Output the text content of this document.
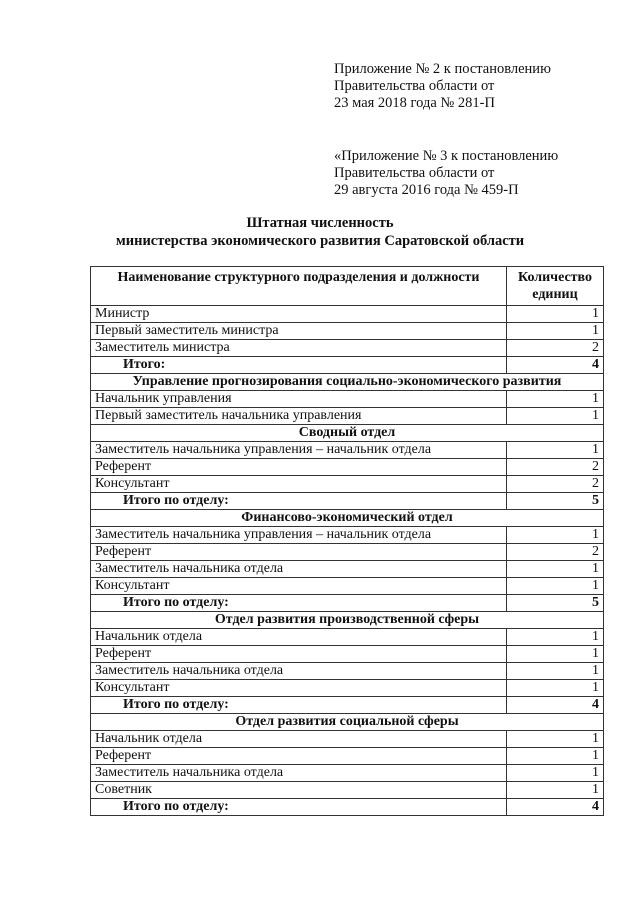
Приложение № 2 к постановлению
Правительства области от
23 мая 2018 года № 281-П
«Приложение № 3 к постановлению
Правительства области от
29 августа 2016 года № 459-П
Штатная численность
министерства экономического развития Саратовской области
Наименование структурного подразделения и должности	Количество
единиц

Министр	1
Первый заместитель министра	1
Заместитель министра	2
Итого:	4
Управление прогнозирования социально-экономического развития	
Начальник управления	1
Первый заместитель начальника управления	1
Сводный отдел	
Заместитель начальника управления – начальник отдела	1
Референт	2
Консультант	2
Итого по отделу:	5
Финансово-экономический отдел	
Заместитель начальника управления – начальник отдела	1
Референт	2
Заместитель начальника отдела	1
Консультант	1
Итого по отделу:	5
Отдел развития производственной сферы	
Начальник отдела	1
Референт	1
Заместитель начальника отдела	1
Консультант	1
Итого по отделу:	4
Отдел развития социальной сферы	
Начальник отдела	1
Референт	1
Заместитель начальника отдела	1
Советник	1
Итого по отделу:	4
